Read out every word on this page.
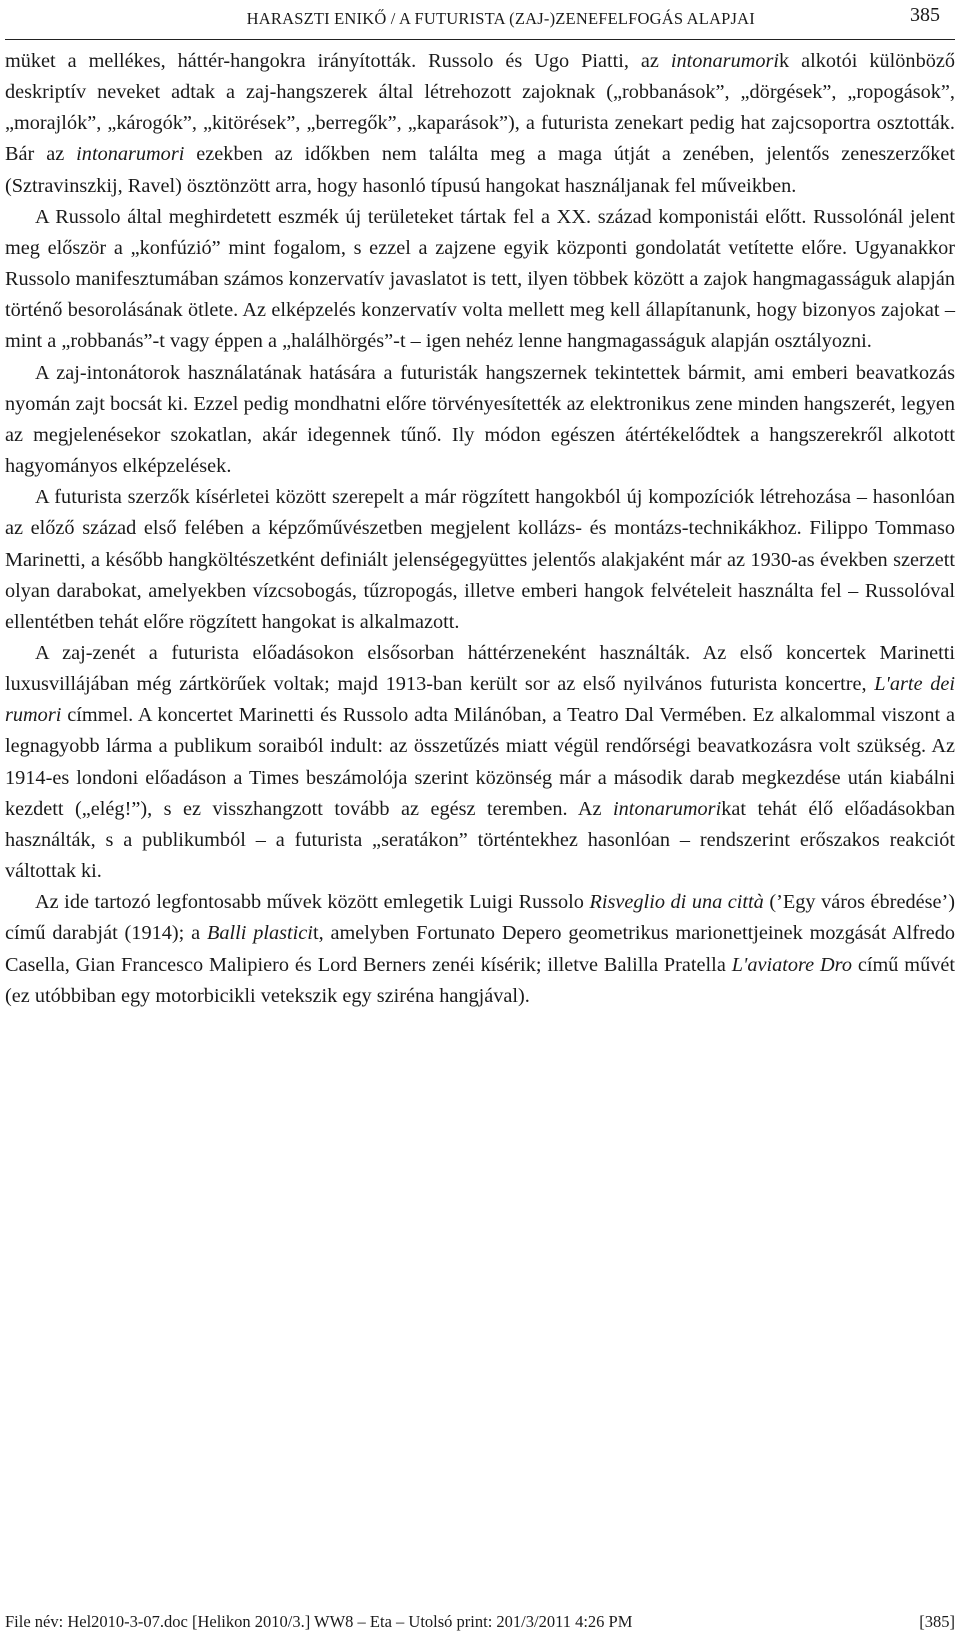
HARASZTI ENIKŐ / A FUTURISTA (ZAJ-)ZENEFELFOGÁS ALAPJAI	385

müket a mellékes, háttér-hangokra irányították. Russolo és Ugo Piatti, az intonarumorik alkotói különböző deskriptív neveket adtak a zaj-hangszerek által létrehozott zajoknak („robbanások”, „dörgések”, „ropogások”, „morajlók”, „károgók”, „kitörések”, „berregők”, „kaparások”), a futurista zenekart pedig hat zajcsoportra osztották. Bár az intonarumori ezekben az időkben nem találta meg a maga útját a zenében, jelentős zeneszerzőket (Sztravinszkij, Ravel) ösztönzött arra, hogy hasonló típusú hangokat használjanak fel műveikben.

A Russolo által meghirdetett eszmék új területeket tártak fel a XX. század komponistái előtt. Russolónál jelent meg először a „konfúzió” mint fogalom, s ezzel a zajzene egyik központi gondolatát vetítette előre. Ugyanakkor Russolo manifesztumában számos konzervatív javaslatot is tett, ilyen többek között a zajok hangmagasságuk alapján történő besorolásának ötlete. Az elképzelés konzervatív volta mellett meg kell állapítanunk, hogy bizonyos zajokat – mint a „robbanás”-t vagy éppen a „halálhörgés”-t – igen nehéz lenne hangmagasságuk alapján osztályozni.

A zaj-intonátorok használatának hatására a futuristák hangszernek tekintettek bármit, ami emberi beavatkozás nyomán zajt bocsát ki. Ezzel pedig mondhatni előre törvényesítették az elektronikus zene minden hangszerét, legyen az megjelenésekor szokatlan, akár idegennek tűnő. Ily módon egészen átértékelődtek a hangszerekről alkotott hagyományos elképzelések.

A futurista szerzők kísérletei között szerepelt a már rögzített hangokból új kompozíciók létrehozása – hasonlóan az előző század első felében a képzőművészetben megjelent kollázs- és montázs-technikákhoz. Filippo Tommaso Marinetti, a később hangköltészetként definiált jelenségegyüttes jelentős alakjaként már az 1930-as években szerzett olyan darabokat, amelyekben vízcsobogás, tűzropogás, illetve emberi hangok felvételeit használta fel – Russolóval ellentétben tehát előre rögzített hangokat is alkalmazott.

A zaj-zenét a futurista előadásokon elsősorban háttérzeneként használták. Az első koncertek Marinetti luxusvillájában még zártkörűek voltak; majd 1913-ban került sor az első nyilvános futurista koncertre, L'arte dei rumori címmel. A koncertet Marinetti és Russolo adta Milánóban, a Teatro Dal Vermében. Ez alkalommal viszont a legnagyobb lárma a publikum soraiból indult: az összetűzés miatt végül rendőrségi beavatkozásra volt szükség. Az 1914-es londoni előadáson a Times beszámolója szerint közönség már a második darab megkezdése után kiabálni kezdett („elég!”), s ez visszhangzott tovább az egész teremben. Az intonarumorikat tehát élő előadásokban használták, s a publikumból – a futurista „seratákon” történtekhez hasonlóan – rendszerint erőszakos reakciót váltottak ki.

Az ide tartozó legfontosabb művek között emlegetik Luigi Russolo Risveglio di una città (’Egy város ébredése’) című darabját (1914); a Balli plasticit, amelyben Fortunato Depero geometrikus marionettjeinek mozgását Alfredo Casella, Gian Francesco Malipiero és Lord Berners zenéi kísérik; illetve Balilla Pratella L'aviatore Dro című művét (ez utóbbiban egy motorbicikli vetekszik egy sziréna hangjával).

File név: Hel2010-3-07.doc [Helikon 2010/3.] WW8 – Eta – Utolsó print: 201/3/2011 4:26 PM	[385]
